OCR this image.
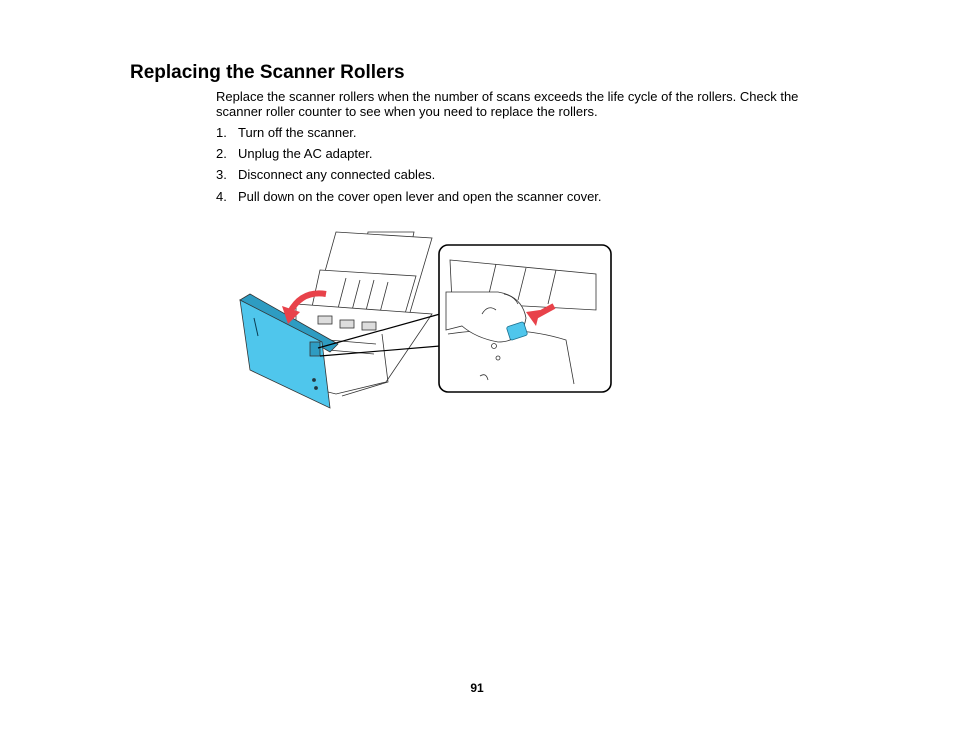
Replacing the Scanner Rollers

Replace the scanner rollers when the number of scans exceeds the life cycle of the rollers. Check the scanner roller counter to see when you need to replace the rollers.

1. Turn off the scanner.
2. Unplug the AC adapter.
3. Disconnect any connected cables.
4. Pull down on the cover open lever and open the scanner cover.
91
